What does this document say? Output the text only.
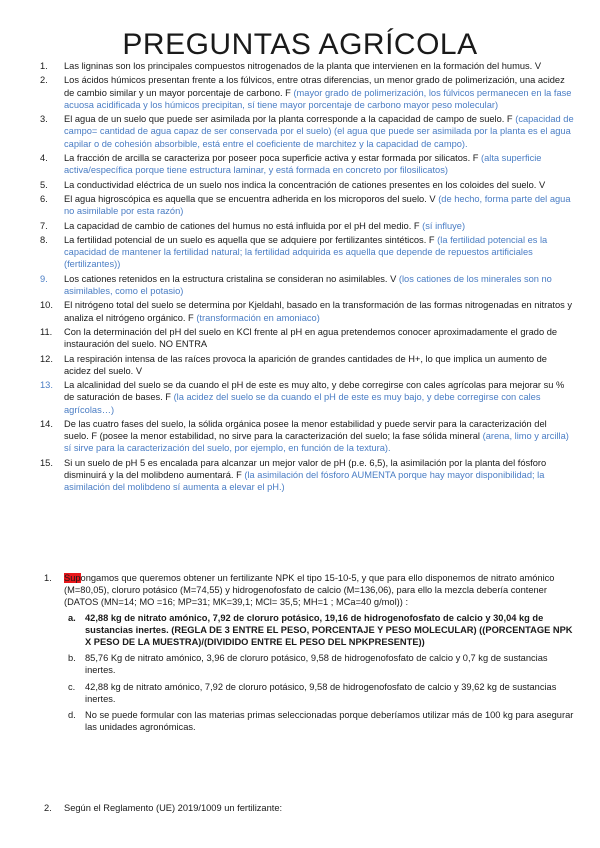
PREGUNTAS AGRÍCOLA
1.	Las ligninas son los principales compuestos nitrogenados de la planta que intervienen en la formación del humus. V
2.	Los ácidos húmicos presentan frente a los fúlvicos, entre otras diferencias, un menor grado de polimerización, una acidez de cambio similar y un mayor porcentaje de carbono. F (mayor grado de polimerización, los fúlvicos permanecen en la fase acuosa acidificada y los húmicos precipitan, sí tiene mayor porcentaje de carbono mayor peso molecular)
3.	El agua de un suelo que puede ser asimilada por la planta corresponde a la capacidad de campo de suelo. F (capacidad de campo= cantidad de agua capaz de ser conservada por el suelo) (el agua que puede ser asimilada por la planta es el agua capilar o de cohesión absorbible, está entre el coeficiente de marchitez y la capacidad de campo).
4.	La fracción de arcilla se caracteriza por poseer poca superficie activa y estar formada por silicatos. F (alta superficie activa/específica porque tiene estructura laminar, y está formada en concreto por filosilicatos)
5.	La conductividad eléctrica de un suelo nos indica la concentración de cationes presentes en los coloides del suelo. V
6.	El agua higroscópica es aquella que se encuentra adherida en los microporos del suelo. V (de hecho, forma parte del agua no asimilable por esta razón)
7.	La capacidad de cambio de cationes del humus no está influida por el pH del medio. F (sí influye)
8.	La fertilidad potencial de un suelo es aquella que se adquiere por fertilizantes sintéticos. F (la fertilidad potencial es la capacidad de mantener la fertilidad natural; la fertilidad adquirida es aquella que depende de repuestos artificiales (fertilizantes))
9.	Los cationes retenidos en la estructura cristalina se consideran no asimilables. V (los cationes de los minerales son no asimilables, como el potasio)
10.	El nitrógeno total del suelo se determina por Kjeldahl, basado en la transformación de las formas nitrogenadas en nitratos y analiza el nitrógeno orgánico. F (transformación en amoniaco)
11.	Con la determinación del pH del suelo en KCl frente al pH en agua pretendemos conocer aproximadamente el grado de instauración del suelo. NO ENTRA
12.	La respiración intensa de las raíces provoca la aparición de grandes cantidades de H+, lo que implica un aumento de acidez del suelo. V
13.	La alcalinidad del suelo se da cuando el pH de este es muy alto, y debe corregirse con cales agrícolas para mejorar su % de saturación de bases. F (la acidez del suelo se da cuando el pH de este es muy bajo, y debe corregirse con cales agrícolas…)
14.	De las cuatro fases del suelo, la sólida orgánica posee la menor estabilidad y puede servir para la caracterización del suelo. F (posee la menor estabilidad, no sirve para la caracterización del suelo; la fase sólida mineral (arena, limo y arcilla) sí sirve para la caracterización del suelo, por ejemplo, en función de la textura).
15.	Si un suelo de pH 5 es encalada para alcanzar un mejor valor de pH (p.e. 6,5), la asimilación por la planta del fósforo disminuirá y la del molibdeno aumentará. F (la asimilación del fósforo AUMENTA porque hay mayor disponibilidad; la asimilación del molibdeno sí aumenta a elevar el pH.)
1.	Supongamos que queremos obtener un fertilizante NPK el tipo 15-10-5, y que para ello disponemos de nitrato amónico (M=80,05), cloruro potásico (M=74,55) y hidrogenofosfato de calcio (M=136,06), para ello la mezcla debería contener (DATOS (MN=14; MO =16; MP=31; MK=39,1; MCl= 35,5; MH=1 ; MCa=40 g/mol)) :
a. 42,88 kg de nitrato amónico, 7,92 de cloruro potásico, 19,16 de hidrogenofosfato de calcio y 30,04 kg de sustancias inertes. (REGLA DE 3 ENTRE EL PESO, PORCENTAJE Y PESO MOLECULAR) ((PORCENTAGE NPK X PESO DE LA MUESTRA)/(DIVIDIDO ENTRE EL PESO DEL NPKPRESENTE))
b. 85,76 Kg de nitrato amónico, 3,96 de cloruro potásico, 9,58 de hidrogenofosfato de calcio y 0,7 kg de sustancias inertes.
c. 42,88 kg de nitrato amónico, 7,92 de cloruro potásico, 9,58 de hidrogenofosfato de calcio y 39,62 kg de sustancias inertes.
d. No se puede formular con las materias primas seleccionadas porque deberíamos utilizar más de 100 kg para asegurar las unidades agronómicas.
2.	Según el Reglamento (UE) 2019/1009 un fertilizante:
